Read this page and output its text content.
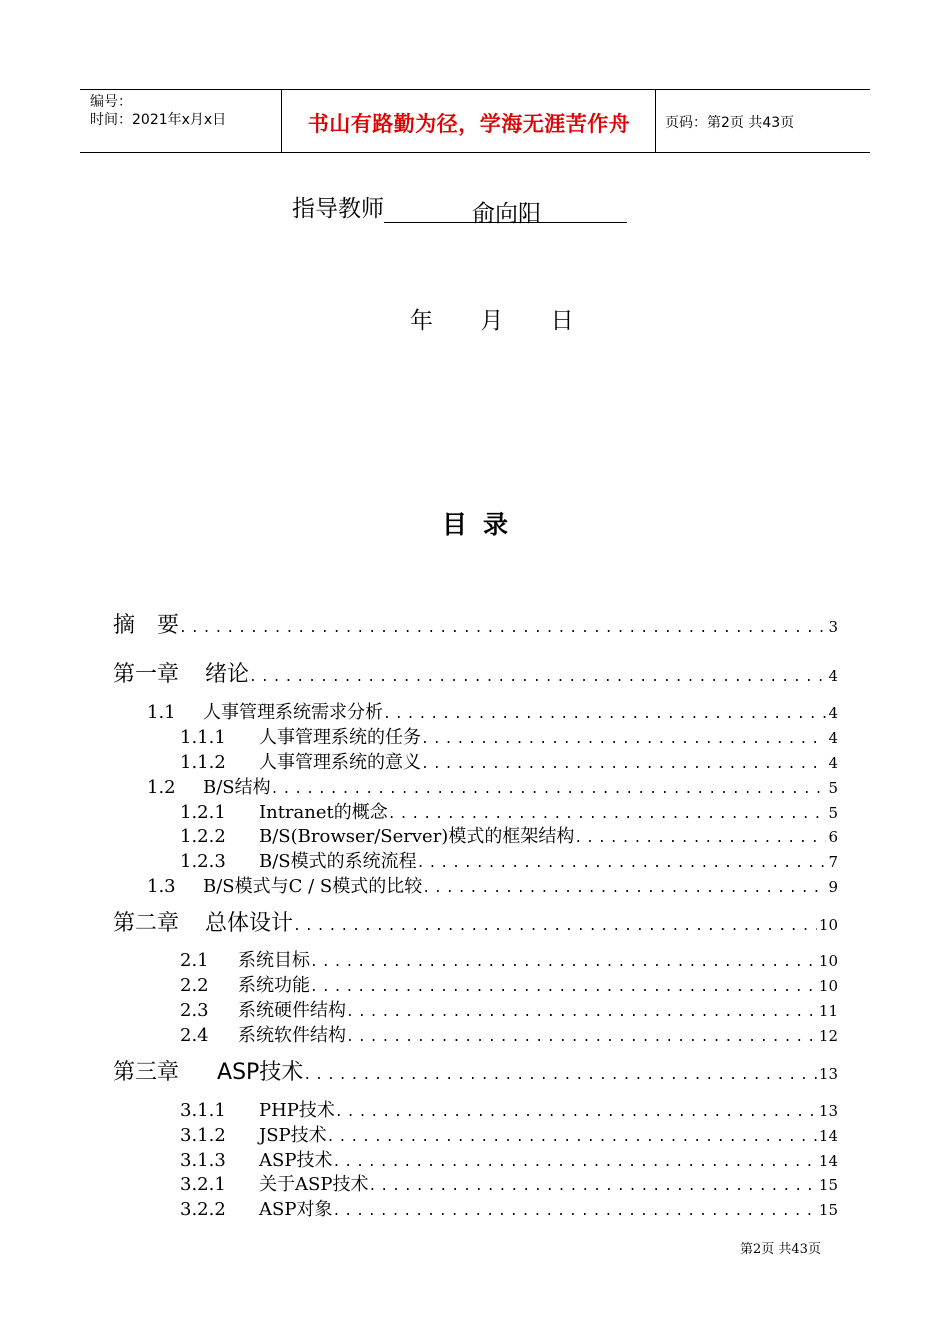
编号：
时间：2021年x月x日	书山有路勤为径，学海无涯苦作舟	页码：第2页 共43页
指导教师	俞向阳
年 月 日
目录
摘　要 .....	3
第一章 绪论 .....	4
1.1 人事管理系统需求分析 .....	4
1.1.1 人事管理系统的任务 .....	4
1.1.2 人事管理系统的意义 .....	4
1.2 B/S结构 .....	5
1.2.1 Intranet的概念 .....	5
1.2.2 B/S(Browser/Server)模式的框架结构 .....	6
1.2.3 B/S模式的系统流程 .....	7
1.3 B/S模式与C / S模式的比较 .....	9
第二章 总体设计 .....	10
2.1 系统目标 .....	10
2.2 系统功能 .....	10
2.3 系统硬件结构 .....	11
2.4 系统软件结构 .....	12
第三章 ASP技术 .....	13
3.1.1 PHP技术 .....	13
3.1.2 JSP技术 .....	14
3.1.3 ASP技术 .....	14
3.2.1 关于ASP技术 .....	15
3.2.2 ASP对象 .....	15
第2页 共43页
